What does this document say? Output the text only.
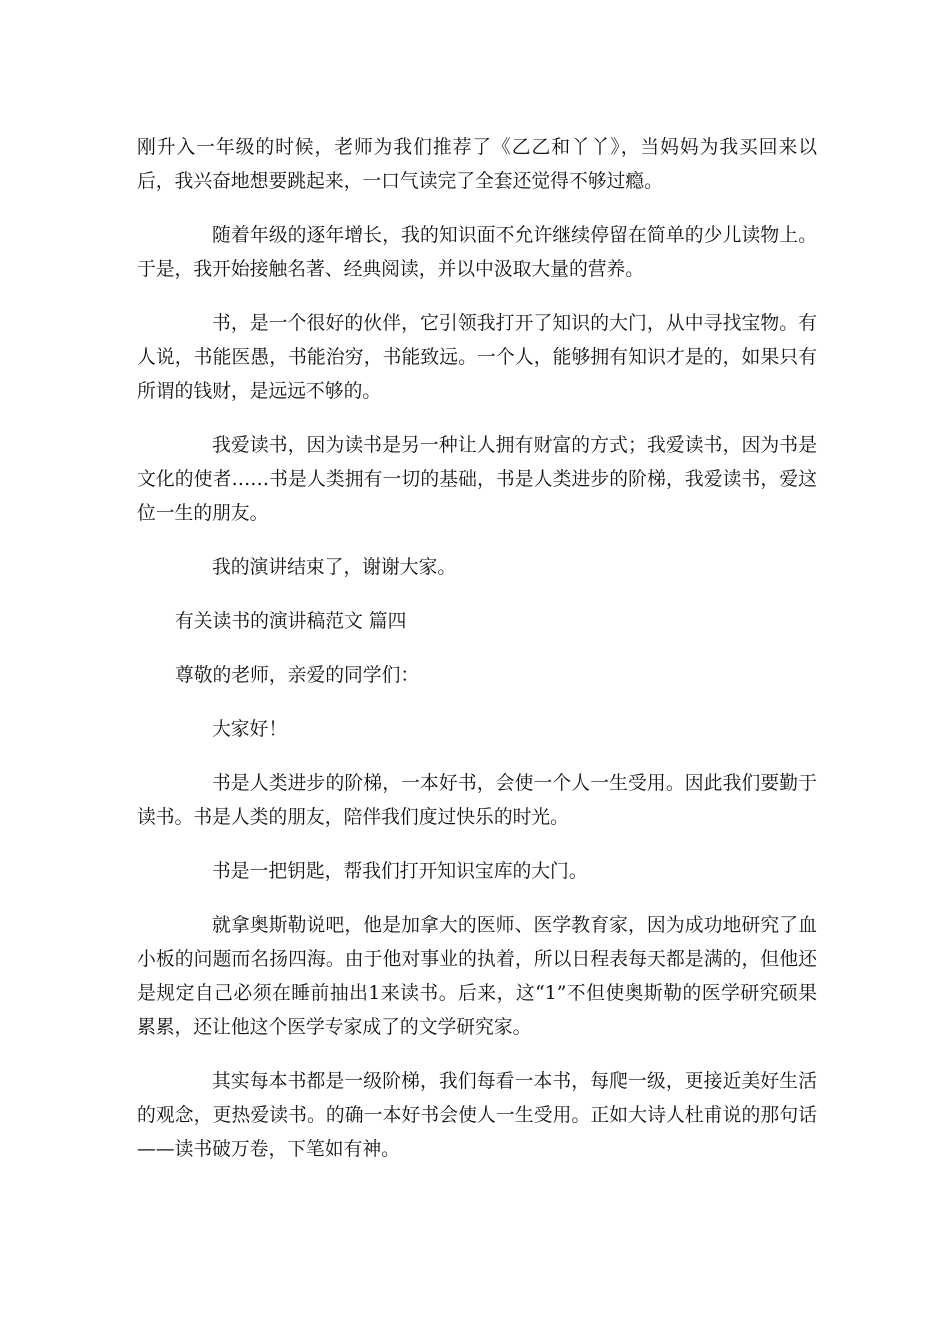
刚升入一年级的时候，老师为我们推荐了《乙乙和丫丫》，当妈妈为我买回来以后，我兴奋地想要跳起来，一口气读完了全套还觉得不够过瘾。

随着年级的逐年增长，我的知识面不允许继续停留在简单的少儿读物上。于是，我开始接触名著、经典阅读，并以中汲取大量的营养。

书，是一个很好的伙伴，它引领我打开了知识的大门，从中寻找宝物。有人说，书能医愚，书能治穷，书能致远。一个人，能够拥有知识才是的，如果只有所谓的钱财，是远远不够的。

我爱读书，因为读书是另一种让人拥有财富的方式；我爱读书，因为书是文化的使者……书是人类拥有一切的基础，书是人类进步的阶梯，我爱读书，爱这位一生的朋友。

我的演讲结束了，谢谢大家。

有关读书的演讲稿范文 篇四

尊敬的老师，亲爱的同学们：

大家好！

书是人类进步的阶梯，一本好书，会使一个人一生受用。因此我们要勤于读书。书是人类的朋友，陪伴我们度过快乐的时光。

书是一把钥匙，帮我们打开知识宝库的大门。

就拿奥斯勒说吧，他是加拿大的医师、医学教育家，因为成功地研究了血小板的问题而名扬四海。由于他对事业的执着，所以日程表每天都是满的，但他还是规定自己必须在睡前抽出1来读书。后来，这“1”不但使奥斯勒的医学研究硕果累累，还让他这个医学专家成了的文学研究家。

其实每本书都是一级阶梯，我们每看一本书，每爬一级，更接近美好生活的观念，更热爱读书。的确一本好书会使人一生受用。正如大诗人杜甫说的那句话——读书破万卷，下笔如有神。
